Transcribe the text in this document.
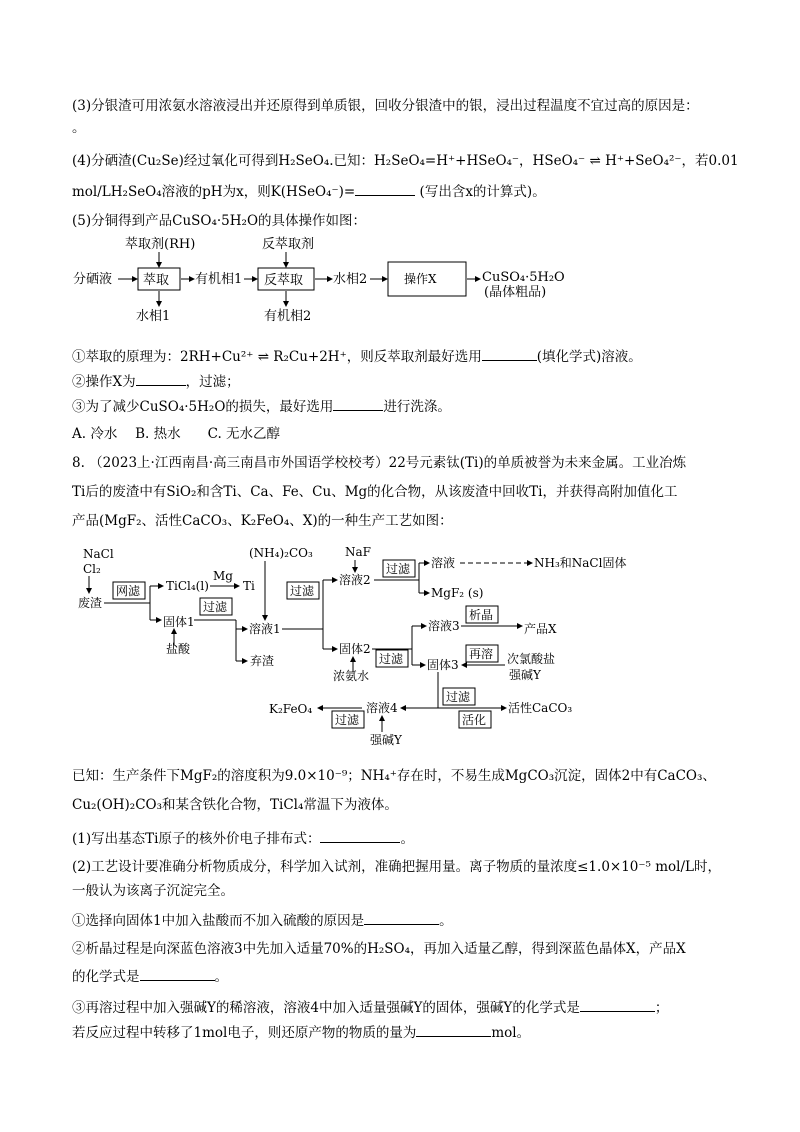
(3)分银渣可用浓氨水溶液浸出并还原得到单质银，回收分银渣中的银，浸出过程温度不宜过高的原因是：
。
(4)分硒渣(Cu₂Se)经过氧化可得到H₂SeO₄.已知：H₂SeO₄=H⁺+HSeO₄⁻，HSeO₄⁻ ⇌ H⁺+SeO₄²⁻，若0.01
mol/LH₂SeO₄溶液的pH为x，则K(HSeO₄⁻)=	(写出含x的计算式)。
(5)分铜得到产品CuSO₄·5H₂O的具体操作如图：
萃取剂(RH)	反萃取剂
分硒液	有机相1	水相2	CuSO₄·5H₂O
(晶体粗品)
水相1	有机相2
萃取	反萃取	操作X
NaCl
Cl₂
废渣
TiCl₄(l)
Mg
Ti
(NH₄)₂CO₃
固体1	溶液1
盐酸
弃渣
NaF
溶液2
溶液	NH₃和NaCl固体
MgF₂ (s)
溶液3	产品X
固体2
固体3	次氯酸盐
强碱Y
浓氨水
K₂FeO₄	溶液4	活性CaCO₃
强碱Y
网滤
过滤
过滤
过滤
析晶
过滤	再溶
过滤
过滤	活化
①萃取的原理为：2RH+Cu²⁺ ⇌ R₂Cu+2H⁺，则反萃取剂最好选用	(填化学式)溶液。
②操作X为	，过滤；
③为了减少CuSO₄·5H₂O的损失，最好选用	进行洗涤。
A. 冷水　 B. 热水　　C. 无水乙醇
8. （2023上·江西南昌·高三南昌市外国语学校校考）22号元素钛(Ti)的单质被誉为未来金属。工业冶炼
Ti后的废渣中有SiO₂和含Ti、Ca、Fe、Cu、Mg的化合物，从该废渣中回收Ti，并获得高附加值化工
产品(MgF₂、活性CaCO₃、K₂FeO₄、X)的一种生产工艺如图：
已知：生产条件下MgF₂的溶度积为9.0×10⁻⁹；NH₄⁺存在时，不易生成MgCO₃沉淀，固体2中有CaCO₃、
Cu₂(OH)₂CO₃和某含铁化合物，TiCl₄常温下为液体。
(1)写出基态Ti原子的核外价电子排布式：	。
(2)工艺设计要准确分析物质成分，科学加入试剂，准确把握用量。离子物质的量浓度≤1.0×10⁻⁵ mol/L时，
一般认为该离子沉淀完全。
①选择向固体1中加入盐酸而不加入硫酸的原因是	。
②析晶过程是向深蓝色溶液3中先加入适量70%的H₂SO₄，再加入适量乙醇，得到深蓝色晶体X，产品X
的化学式是	。
③再溶过程中加入强碱Y的稀溶液，溶液4中加入适量强碱Y的固体，强碱Y的化学式是	；
若反应过程中转移了1mol电子，则还原产物的物质的量为	mol。
